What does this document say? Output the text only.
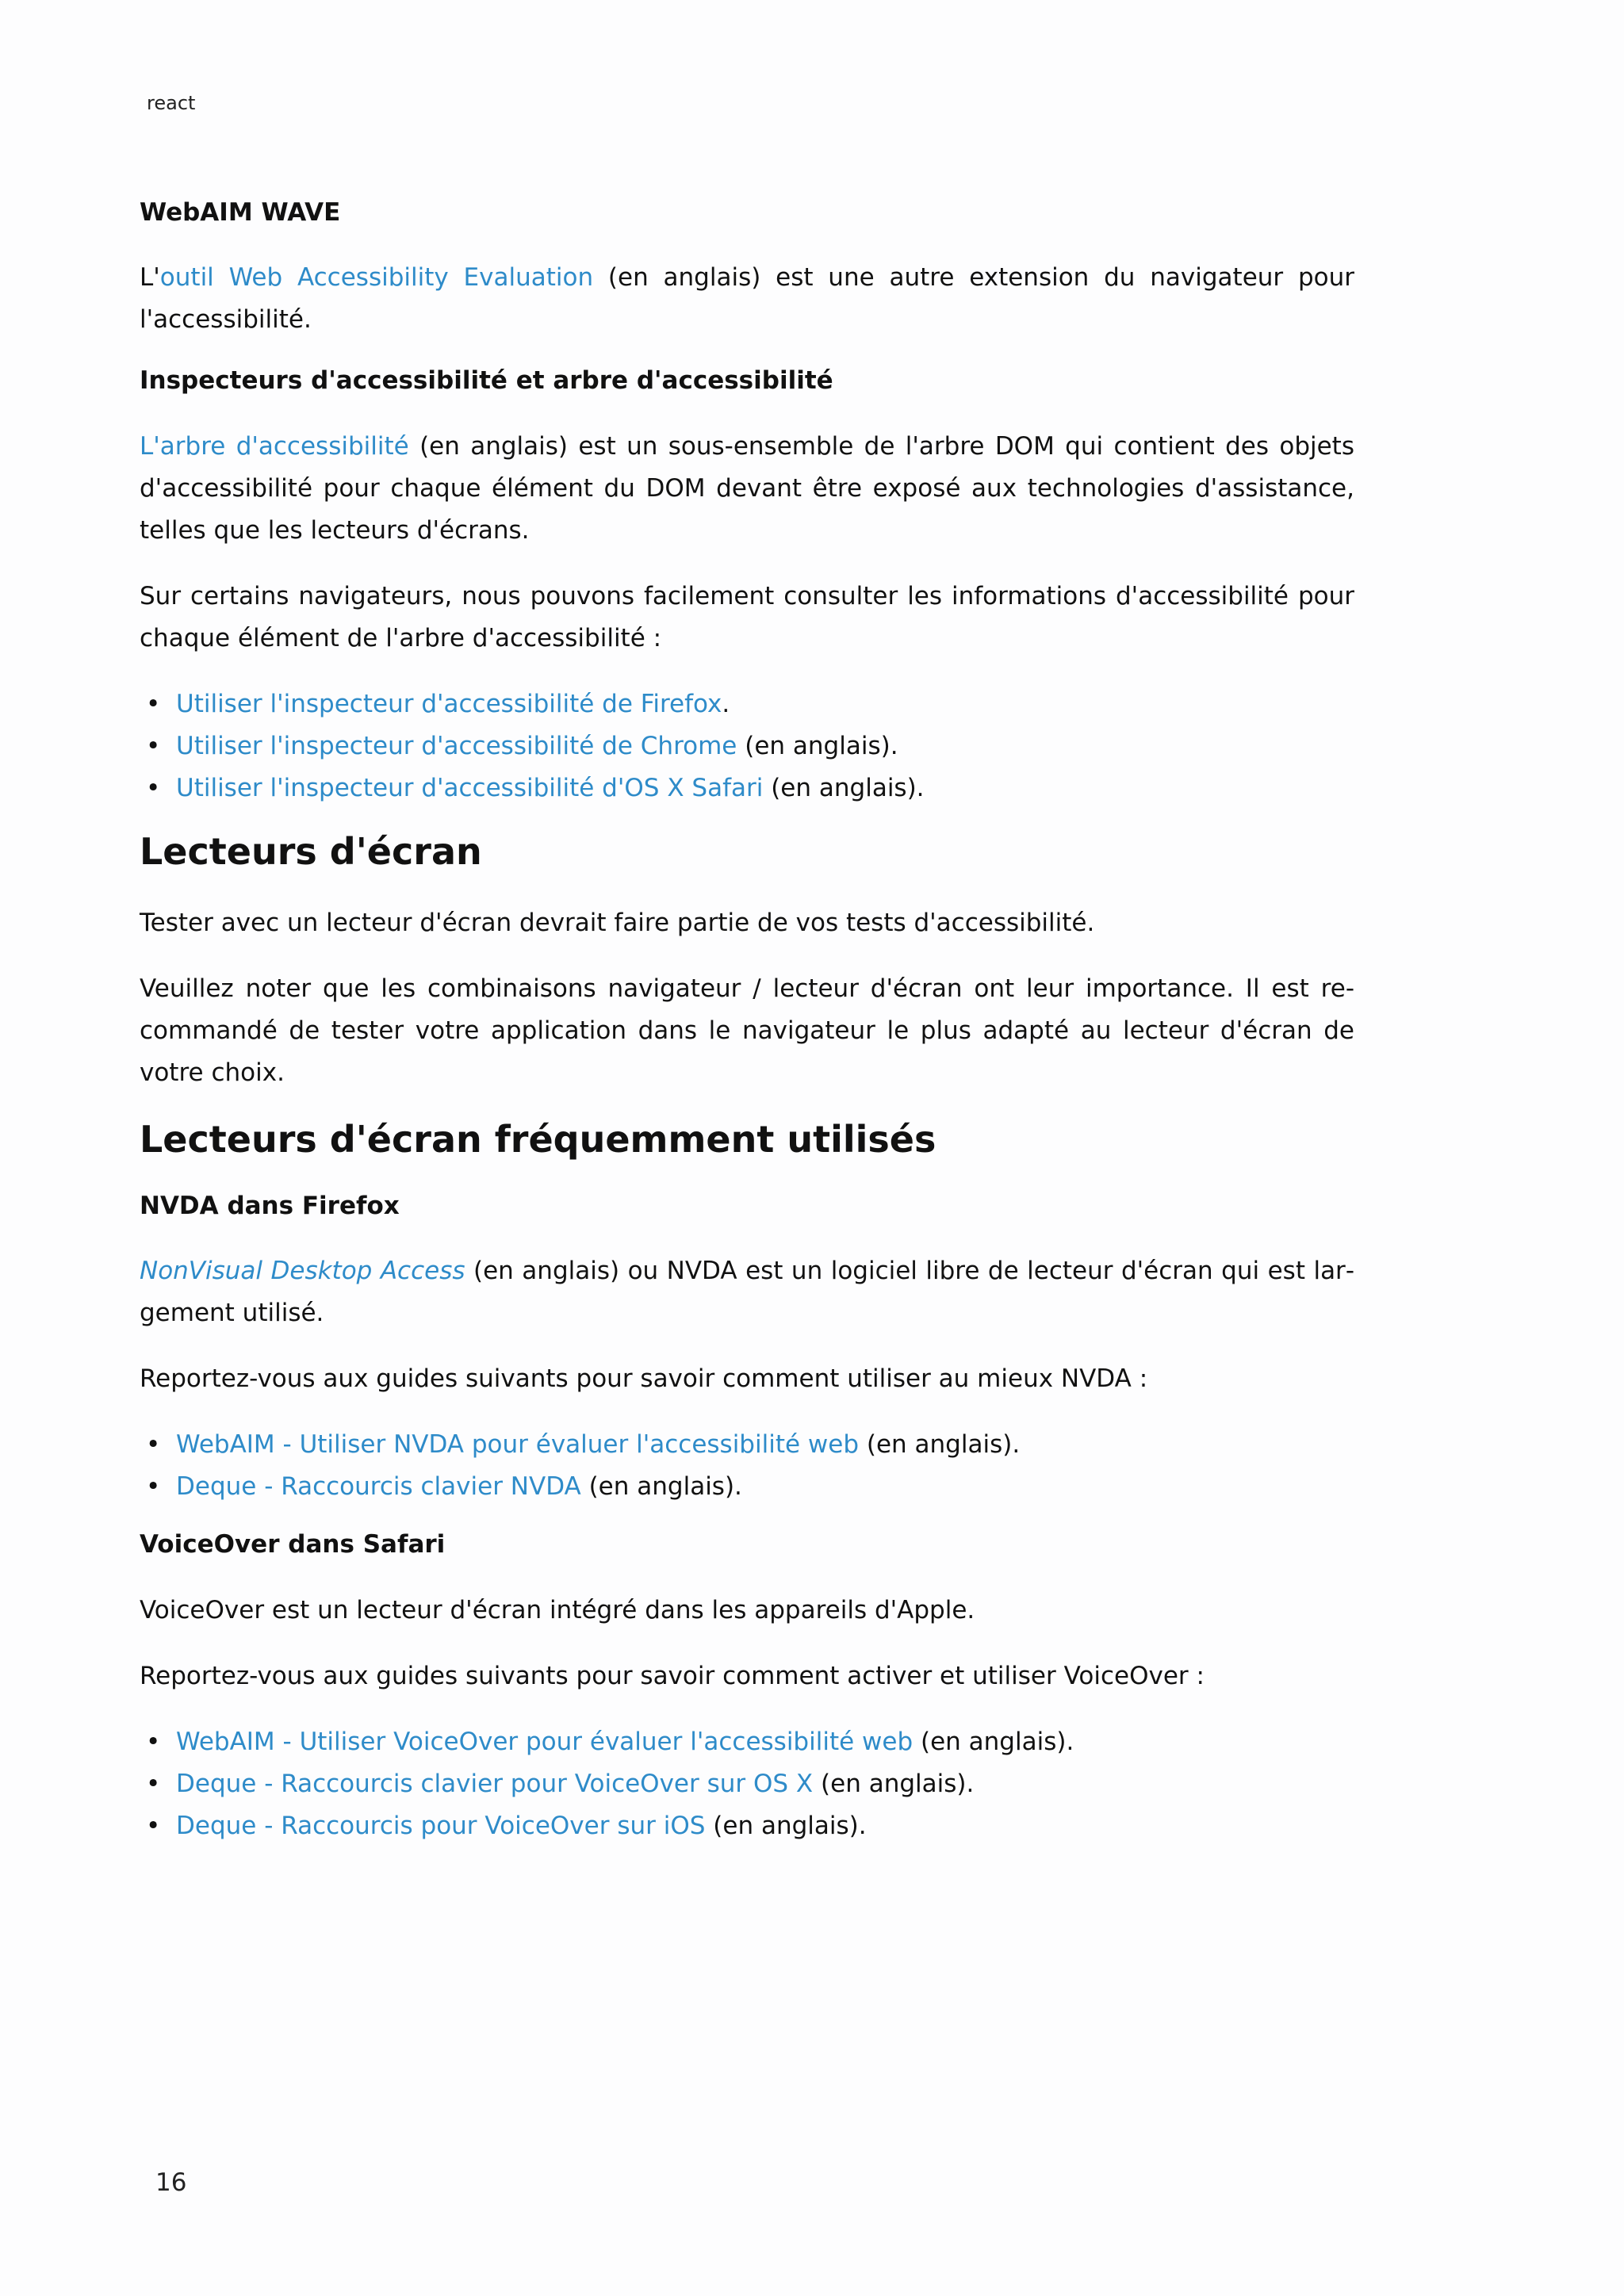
react
WebAIM WAVE

L'outil Web Accessibility Evaluation (en anglais) est une autre extension du navigateur pour l'accessibilité.

Inspecteurs d'accessibilité et arbre d'accessibilité

L'arbre d'accessibilité (en anglais) est un sous-ensemble de l'arbre DOM qui contient des objets d'accessibilité pour chaque élément du DOM devant être exposé aux technologies d'assistance, telles que les lecteurs d'écrans.

Sur certains navigateurs, nous pouvons facilement consulter les informations d'accessibilité pour chaque élément de l'arbre d'accessibilité :

• Utiliser l'inspecteur d'accessibilité de Firefox.
• Utiliser l'inspecteur d'accessibilité de Chrome (en anglais).
• Utiliser l'inspecteur d'accessibilité d'OS X Safari (en anglais).
Lecteurs d'écran

Tester avec un lecteur d'écran devrait faire partie de vos tests d'accessibilité.

Veuillez noter que les combinaisons navigateur / lecteur d'écran ont leur importance. Il est recommandé de tester votre application dans le navigateur le plus adapté au lecteur d'écran de votre choix.

Lecteurs d'écran fréquemment utilisés
NVDA dans Firefox

NonVisual Desktop Access (en anglais) ou NVDA est un logiciel libre de lecteur d'écran qui est largement utilisé.

Reportez-vous aux guides suivants pour savoir comment utiliser au mieux NVDA :

• WebAIM - Utiliser NVDA pour évaluer l'accessibilité web (en anglais).
• Deque - Raccourcis clavier NVDA (en anglais).
VoiceOver dans Safari

VoiceOver est un lecteur d'écran intégré dans les appareils d'Apple.

Reportez-vous aux guides suivants pour savoir comment activer et utiliser VoiceOver :

• WebAIM - Utiliser VoiceOver pour évaluer l'accessibilité web (en anglais).
• Deque - Raccourcis clavier pour VoiceOver sur OS X (en anglais).
• Deque - Raccourcis pour VoiceOver sur iOS (en anglais).
16
